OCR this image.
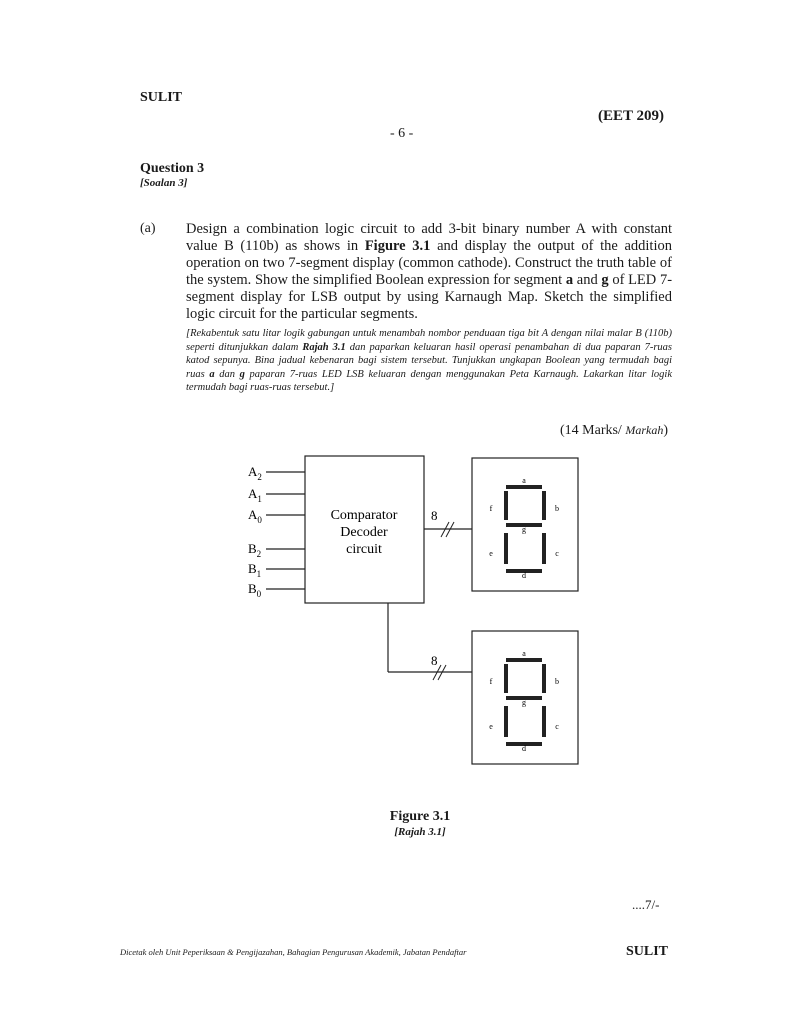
SULIT
(EET 209)
- 6 -
Question 3
[Soalan 3]
(a) Design a combination logic circuit to add 3-bit binary number A with constant value B (110b) as shows in Figure 3.1 and display the output of the addition operation on two 7-segment display (common cathode). Construct the truth table of the system. Show the simplified Boolean expression for segment a and g of LED 7-segment display for LSB output by using Karnaugh Map. Sketch the simplified logic circuit for the particular segments.
[Rekabentuk satu litar logik gabungan untuk menambah nombor penduaan tiga bit A dengan nilai malar B (110b) seperti ditunjukkan dalam Rajah 3.1 dan paparkan keluaran hasil operasi penambahan di dua paparan 7-ruas katod sepunya. Bina jadual kebenaran bagi sistem tersebut. Tunjukkan ungkapan Boolean yang termudah bagi ruas a dan g paparan 7-ruas LED LSB keluaran dengan menggunakan Peta Karnaugh. Lakarkan litar logik termudah bagi ruas-ruas tersebut.]
(14 Marks/ Markah)
$A_2$
$A_1$
$A_0$
$B_2$
$B_1$
$B_0$
Comparator
Decoder
circuit
8
8
a
g
d
f	b
e	c
a
g
d
f	b
e	c
Figure 3.1
[Rajah 3.1]
....7/-
Dicetak oleh Unit Peperiksaan & Pengijazahan, Bahagian Pengurusan Akademik, Jabatan Pendaftar	SULIT
